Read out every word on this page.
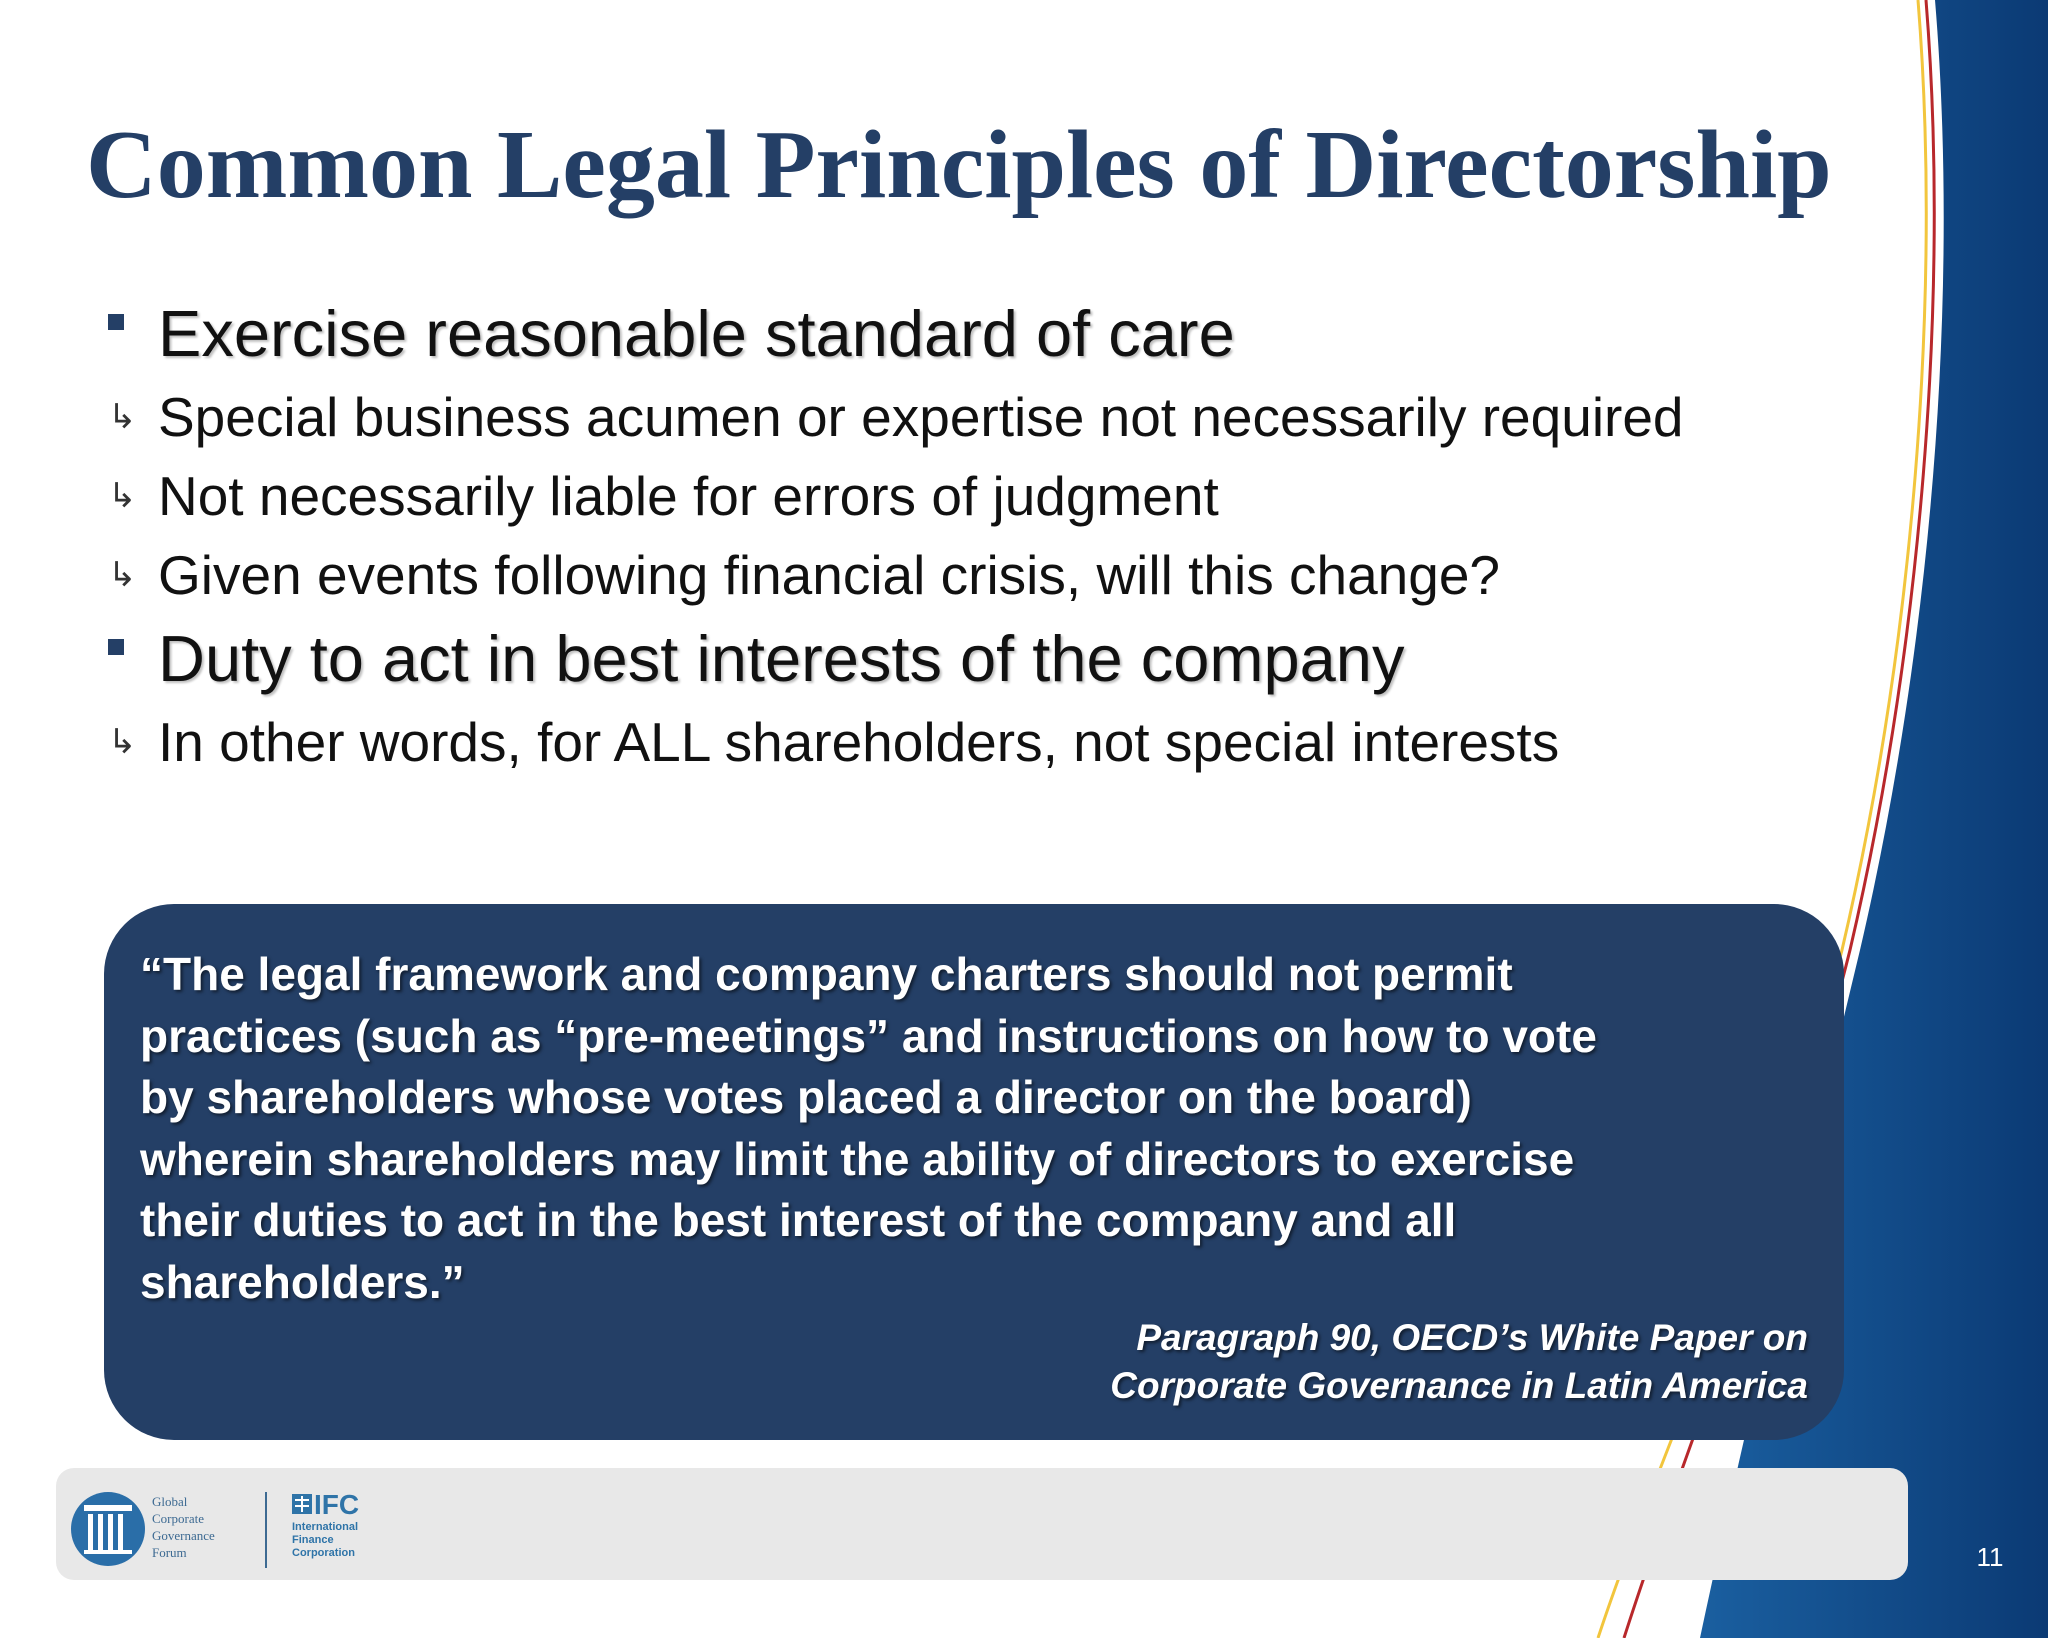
Common Legal Principles of Directorship
Exercise reasonable standard of care
↳ Special business acumen or expertise not necessarily required
↳ Not necessarily liable for errors of judgment
↳ Given events following financial crisis, will this change?
Duty to act in best interests of the company
↳ In other words, for ALL shareholders, not special interests

“The legal framework and company charters should not permit
practices (such as “pre-meetings” and instructions on how to vote
by shareholders whose votes placed a director on the board)
wherein shareholders may limit the ability of directors to exercise
their duties to act in the best interest of the company and all
shareholders.”

Paragraph 90, OECD’s White Paper on
Corporate Governance in Latin America

Global
Corporate
Governance
Forum
IFC
International
Finance
Corporation	11
